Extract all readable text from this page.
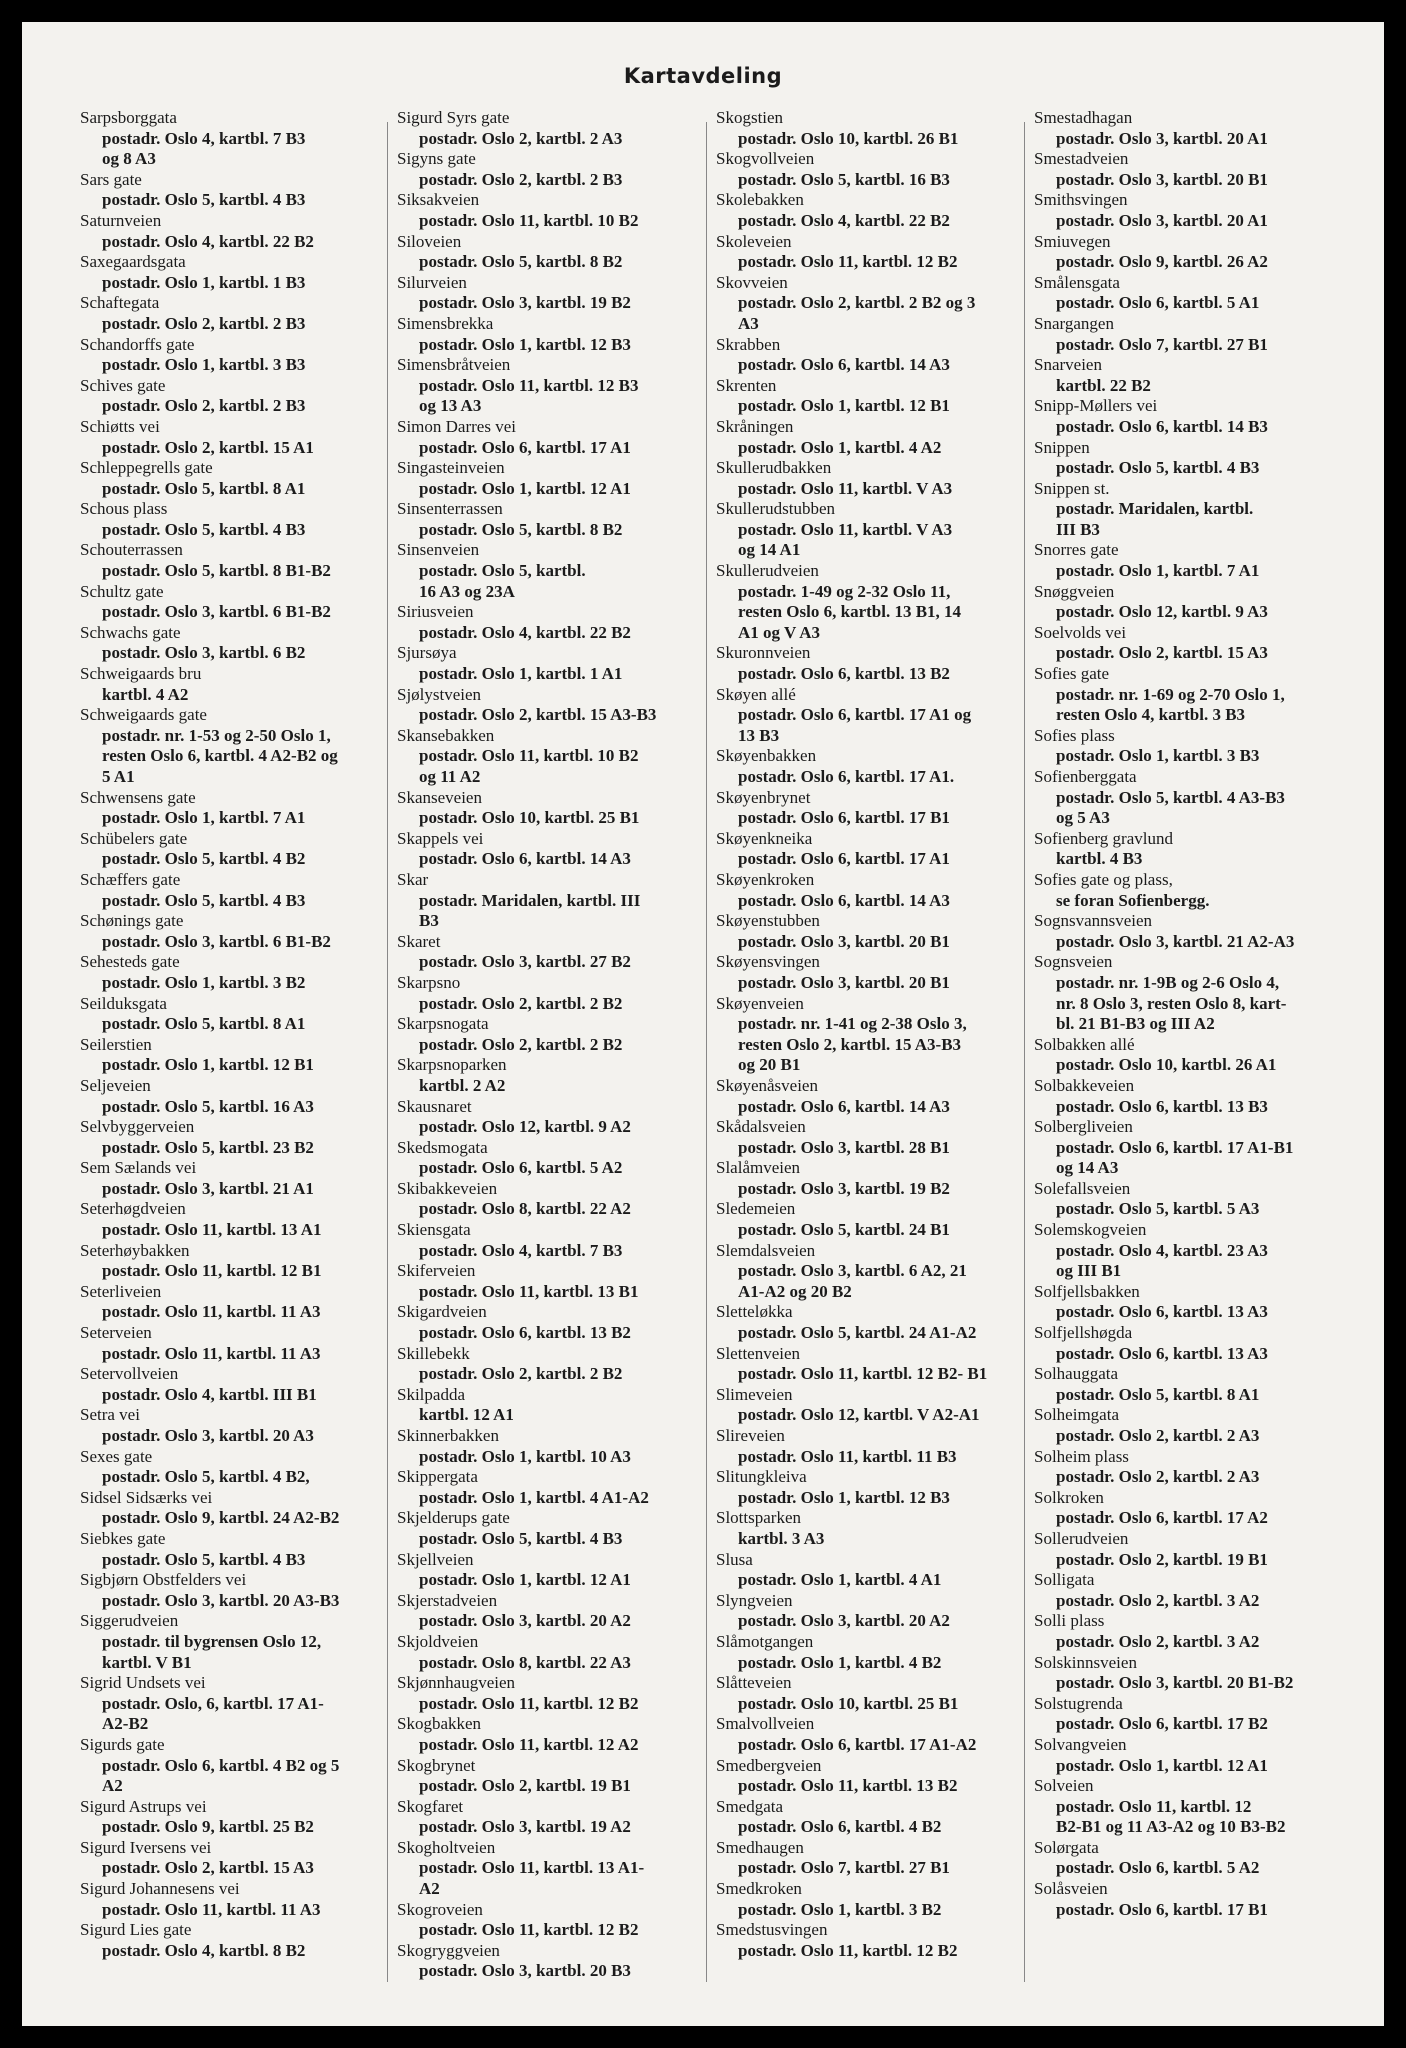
Kartavdeling
Sarpsborggata
postadr. Oslo 4, kartbl. 7 B3
og 8 A3
Sars gate
postadr. Oslo 5, kartbl. 4 B3
Saturnveien
postadr. Oslo 4, kartbl. 22 B2
Saxegaardsgata
postadr. Oslo 1, kartbl. 1 B3
Schaftegata
postadr. Oslo 2, kartbl. 2 B3
Schandorffs gate
postadr. Oslo 1, kartbl. 3 B3
Schives gate
postadr. Oslo 2, kartbl. 2 B3
Schiøtts vei
postadr. Oslo 2, kartbl. 15 A1
Schleppegrells gate
postadr. Oslo 5, kartbl. 8 A1
Schous plass
postadr. Oslo 5, kartbl. 4 B3
Schouterrassen
postadr. Oslo 5, kartbl. 8 B1-B2
Schultz gate
postadr. Oslo 3, kartbl. 6 B1-B2
Schwachs gate
postadr. Oslo 3, kartbl. 6 B2
Schweigaards bru
kartbl. 4 A2
Schweigaards gate
postadr. nr. 1-53 og 2-50 Oslo 1,
resten Oslo 6, kartbl. 4 A2-B2 og
5 A1
Schwensens gate
postadr. Oslo 1, kartbl. 7 A1
Schübelers gate
postadr. Oslo 5, kartbl. 4 B2
Schæffers gate
postadr. Oslo 5, kartbl. 4 B3
Schønings gate
postadr. Oslo 3, kartbl. 6 B1-B2
Sehesteds gate
postadr. Oslo 1, kartbl. 3 B2
Seilduksgata
postadr. Oslo 5, kartbl. 8 A1
Seilerstien
postadr. Oslo 1, kartbl. 12 B1
Seljeveien
postadr. Oslo 5, kartbl. 16 A3
Selvbyggerveien
postadr. Oslo 5, kartbl. 23 B2
Sem Sælands vei
postadr. Oslo 3, kartbl. 21 A1
Seterhøgdveien
postadr. Oslo 11, kartbl. 13 A1
Seterhøybakken
postadr. Oslo 11, kartbl. 12 B1
Seterliveien
postadr. Oslo 11, kartbl. 11 A3
Seterveien
postadr. Oslo 11, kartbl. 11 A3
Setervollveien
postadr. Oslo 4, kartbl. III B1
Setra vei
postadr. Oslo 3, kartbl. 20 A3
Sexes gate
postadr. Oslo 5, kartbl. 4 B2,
Sidsel Sidsærks vei
postadr. Oslo 9, kartbl. 24 A2-B2
Siebkes gate
postadr. Oslo 5, kartbl. 4 B3
Sigbjørn Obstfelders vei
postadr. Oslo 3, kartbl. 20 A3-B3
Siggerudveien
postadr. til bygrensen Oslo 12,
kartbl. V B1
Sigrid Undsets vei
postadr. Oslo, 6, kartbl. 17 A1-
A2-B2
Sigurds gate
postadr. Oslo 6, kartbl. 4 B2 og 5
A2
Sigurd Astrups vei
postadr. Oslo 9, kartbl. 25 B2
Sigurd Iversens vei
postadr. Oslo 2, kartbl. 15 A3
Sigurd Johannesens vei
postadr. Oslo 11, kartbl. 11 A3
Sigurd Lies gate
postadr. Oslo 4, kartbl. 8 B2
Sigurd Syrs gate
postadr. Oslo 2, kartbl. 2 A3
Sigyns gate
postadr. Oslo 2, kartbl. 2 B3
Siksakveien
postadr. Oslo 11, kartbl. 10 B2
Siloveien
postadr. Oslo 5, kartbl. 8 B2
Silurveien
postadr. Oslo 3, kartbl. 19 B2
Simensbrekka
postadr. Oslo 1, kartbl. 12 B3
Simensbråtveien
postadr. Oslo 11, kartbl. 12 B3
og 13 A3
Simon Darres vei
postadr. Oslo 6, kartbl. 17 A1
Singasteinveien
postadr. Oslo 1, kartbl. 12 A1
Sinsenterrassen
postadr. Oslo 5, kartbl. 8 B2
Sinsenveien
postadr. Oslo 5, kartbl.
16 A3 og 23A
Siriusveien
postadr. Oslo 4, kartbl. 22 B2
Sjursøya
postadr. Oslo 1, kartbl. 1 A1
Sjølystveien
postadr. Oslo 2, kartbl. 15 A3-B3
Skansebakken
postadr. Oslo 11, kartbl. 10 B2
og 11 A2
Skanseveien
postadr. Oslo 10, kartbl. 25 B1
Skappels vei
postadr. Oslo 6, kartbl. 14 A3
Skar
postadr. Maridalen, kartbl. III
B3
Skaret
postadr. Oslo 3, kartbl. 27 B2
Skarpsno
postadr. Oslo 2, kartbl. 2 B2
Skarpsnogata
postadr. Oslo 2, kartbl. 2 B2
Skarpsnoparken
kartbl. 2 A2
Skausnaret
postadr. Oslo 12, kartbl. 9 A2
Skedsmogata
postadr. Oslo 6, kartbl. 5 A2
Skibakkeveien
postadr. Oslo 8, kartbl. 22 A2
Skiensgata
postadr. Oslo 4, kartbl. 7 B3
Skiferveien
postadr. Oslo 11, kartbl. 13 B1
Skigardveien
postadr. Oslo 6, kartbl. 13 B2
Skillebekk
postadr. Oslo 2, kartbl. 2 B2
Skilpadda
kartbl. 12 A1
Skinnerbakken
postadr. Oslo 1, kartbl. 10 A3
Skippergata
postadr. Oslo 1, kartbl. 4 A1-A2
Skjelderups gate
postadr. Oslo 5, kartbl. 4 B3
Skjellveien
postadr. Oslo 1, kartbl. 12 A1
Skjerstadveien
postadr. Oslo 3, kartbl. 20 A2
Skjoldveien
postadr. Oslo 8, kartbl. 22 A3
Skjønnhaugveien
postadr. Oslo 11, kartbl. 12 B2
Skogbakken
postadr. Oslo 11, kartbl. 12 A2
Skogbrynet
postadr. Oslo 2, kartbl. 19 B1
Skogfaret
postadr. Oslo 3, kartbl. 19 A2
Skogholtveien
postadr. Oslo 11, kartbl. 13 A1-
A2
Skogroveien
postadr. Oslo 11, kartbl. 12 B2
Skogryggveien
postadr. Oslo 3, kartbl. 20 B3
Skogstien
postadr. Oslo 10, kartbl. 26 B1
Skogvollveien
postadr. Oslo 5, kartbl. 16 B3
Skolebakken
postadr. Oslo 4, kartbl. 22 B2
Skoleveien
postadr. Oslo 11, kartbl. 12 B2
Skovveien
postadr. Oslo 2, kartbl. 2 B2 og 3
A3
Skrabben
postadr. Oslo 6, kartbl. 14 A3
Skrenten
postadr. Oslo 1, kartbl. 12 B1
Skråningen
postadr. Oslo 1, kartbl. 4 A2
Skullerudbakken
postadr. Oslo 11, kartbl. V A3
Skullerudstubben
postadr. Oslo 11, kartbl. V A3
og 14 A1
Skullerudveien
postadr. 1-49 og 2-32 Oslo 11,
resten Oslo 6, kartbl. 13 B1, 14
A1 og V A3
Skuronnveien
postadr. Oslo 6, kartbl. 13 B2
Skøyen allé
postadr. Oslo 6, kartbl. 17 A1 og
13 B3
Skøyenbakken
postadr. Oslo 6, kartbl. 17 A1.
Skøyenbrynet
postadr. Oslo 6, kartbl. 17 B1
Skøyenkneika
postadr. Oslo 6, kartbl. 17 A1
Skøyenkroken
postadr. Oslo 6, kartbl. 14 A3
Skøyenstubben
postadr. Oslo 3, kartbl. 20 B1
Skøyensvingen
postadr. Oslo 3, kartbl. 20 B1
Skøyenveien
postadr. nr. 1-41 og 2-38 Oslo 3,
resten Oslo 2, kartbl. 15 A3-B3
og 20 B1
Skøyenåsveien
postadr. Oslo 6, kartbl. 14 A3
Skådalsveien
postadr. Oslo 3, kartbl. 28 B1
Slalåmveien
postadr. Oslo 3, kartbl. 19 B2
Sledemeien
postadr. Oslo 5, kartbl. 24 B1
Slemdalsveien
postadr. Oslo 3, kartbl. 6 A2, 21
A1-A2 og 20 B2
Sletteløkka
postadr. Oslo 5, kartbl. 24 A1-A2
Slettenveien
postadr. Oslo 11, kartbl. 12 B2- B1
Slimeveien
postadr. Oslo 12, kartbl. V A2-A1
Slireveien
postadr. Oslo 11, kartbl. 11 B3
Slitungkleiva
postadr. Oslo 1, kartbl. 12 B3
Slottsparken
kartbl. 3 A3
Slusa
postadr. Oslo 1, kartbl. 4 A1
Slyngveien
postadr. Oslo 3, kartbl. 20 A2
Slåmotgangen
postadr. Oslo 1, kartbl. 4 B2
Slåtteveien
postadr. Oslo 10, kartbl. 25 B1
Smalvollveien
postadr. Oslo 6, kartbl. 17 A1-A2
Smedbergveien
postadr. Oslo 11, kartbl. 13 B2
Smedgata
postadr. Oslo 6, kartbl. 4 B2
Smedhaugen
postadr. Oslo 7, kartbl. 27 B1
Smedkroken
postadr. Oslo 1, kartbl. 3 B2
Smedstusvingen
postadr. Oslo 11, kartbl. 12 B2
Smestadhagan
postadr. Oslo 3, kartbl. 20 A1
Smestadveien
postadr. Oslo 3, kartbl. 20 B1
Smithsvingen
postadr. Oslo 3, kartbl. 20 A1
Smiuvegen
postadr. Oslo 9, kartbl. 26 A2
Smålensgata
postadr. Oslo 6, kartbl. 5 A1
Snargangen
postadr. Oslo 7, kartbl. 27 B1
Snarveien
kartbl. 22 B2
Snipp-Møllers vei
postadr. Oslo 6, kartbl. 14 B3
Snippen
postadr. Oslo 5, kartbl. 4 B3
Snippen st.
postadr. Maridalen, kartbl.
III B3
Snorres gate
postadr. Oslo 1, kartbl. 7 A1
Snøggveien
postadr. Oslo 12, kartbl. 9 A3
Soelvolds vei
postadr. Oslo 2, kartbl. 15 A3
Sofies gate
postadr. nr. 1-69 og 2-70 Oslo 1,
resten Oslo 4, kartbl. 3 B3
Sofies plass
postadr. Oslo 1, kartbl. 3 B3
Sofienberggata
postadr. Oslo 5, kartbl. 4 A3-B3
og 5 A3
Sofienberg gravlund
kartbl. 4 B3
Sofies gate og plass,
se foran Sofienbergg.
Sognsvannsveien
postadr. Oslo 3, kartbl. 21 A2-A3
Sognsveien
postadr. nr. 1-9B og 2-6 Oslo 4,
nr. 8 Oslo 3, resten Oslo 8, kart-
bl. 21 B1-B3 og III A2
Solbakken allé
postadr. Oslo 10, kartbl. 26 A1
Solbakkeveien
postadr. Oslo 6, kartbl. 13 B3
Solbergliveien
postadr. Oslo 6, kartbl. 17 A1-B1
og 14 A3
Solefallsveien
postadr. Oslo 5, kartbl. 5 A3
Solemskogveien
postadr. Oslo 4, kartbl. 23 A3
og III B1
Solfjellsbakken
postadr. Oslo 6, kartbl. 13 A3
Solfjellshøgda
postadr. Oslo 6, kartbl. 13 A3
Solhauggata
postadr. Oslo 5, kartbl. 8 A1
Solheimgata
postadr. Oslo 2, kartbl. 2 A3
Solheim plass
postadr. Oslo 2, kartbl. 2 A3
Solkroken
postadr. Oslo 6, kartbl. 17 A2
Sollerudveien
postadr. Oslo 2, kartbl. 19 B1
Solligata
postadr. Oslo 2, kartbl. 3 A2
Solli plass
postadr. Oslo 2, kartbl. 3 A2
Solskinnsveien
postadr. Oslo 3, kartbl. 20 B1-B2
Solstugrenda
postadr. Oslo 6, kartbl. 17 B2
Solvangveien
postadr. Oslo 1, kartbl. 12 A1
Solveien
postadr. Oslo 11, kartbl. 12
B2-B1 og 11 A3-A2 og 10 B3-B2
Solørgata
postadr. Oslo 6, kartbl. 5 A2
Solåsveien
postadr. Oslo 6, kartbl. 17 B1
